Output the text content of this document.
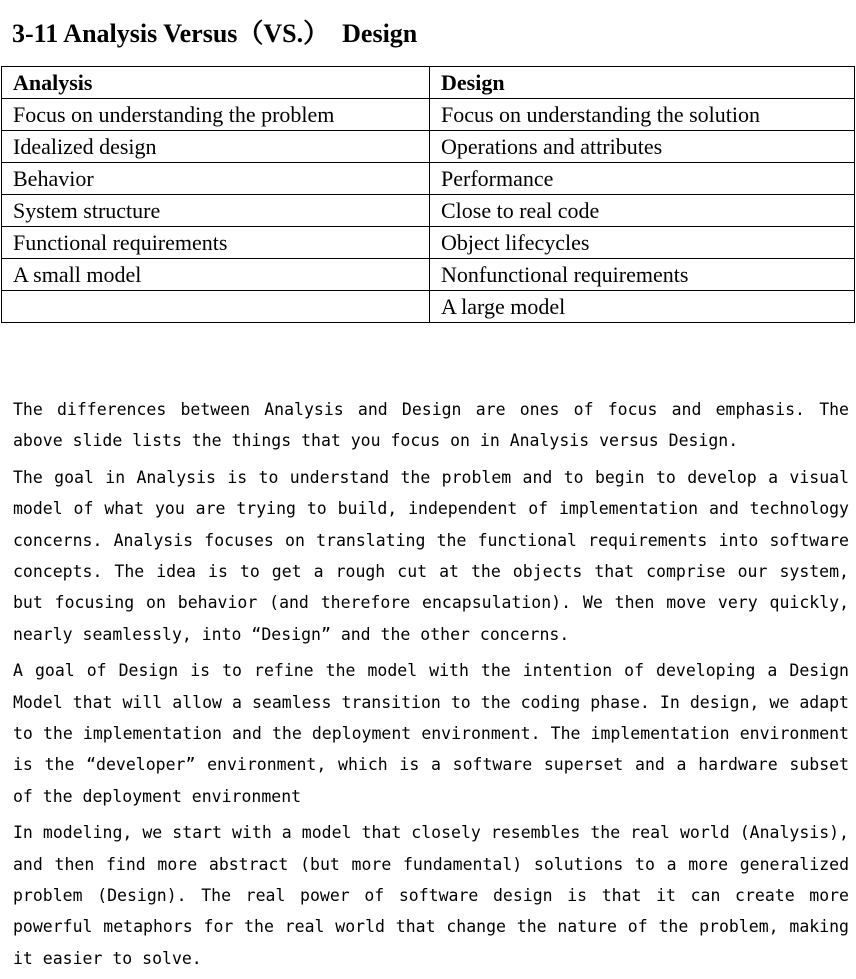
3-11 Analysis Versus（VS.）  Design
Analysis	Design
Focus on understanding the problem	Focus on understanding the solution
Idealized design	Operations and attributes
Behavior	Performance
System structure	Close to real code
Functional requirements	Object lifecycles
A small model	Nonfunctional requirements
	A large model

The differences between Analysis and Design are ones of focus and emphasis. The above slide lists the things that you focus on in Analysis versus Design.

The goal in Analysis is to understand the problem and to begin to develop a visual model of what you are trying to build, independent of implementation and technology concerns. Analysis focuses on translating the functional requirements into software concepts. The idea is to get a rough cut at the objects that comprise our system, but focusing on behavior (and therefore encapsulation). We then move very quickly, nearly seamlessly, into “Design” and the other concerns.

A goal of Design is to refine the model with the intention of developing a Design Model that will allow a seamless transition to the coding phase. In design, we adapt to the implementation and the deployment environment. The implementation environment is the “developer” environment, which is a software superset and a hardware subset of the deployment environment

In modeling, we start with a model that closely resembles the real world (Analysis), and then find more abstract (but more fundamental) solutions to a more generalized problem (Design). The real power of software design is that it can create more powerful metaphors for the real world that change the nature of the problem, making it easier to solve.
